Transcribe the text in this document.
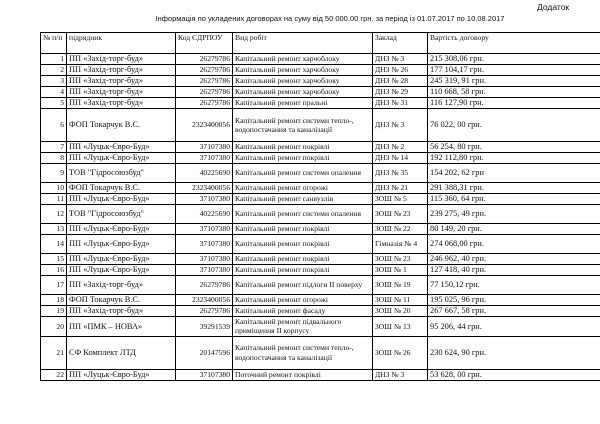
Додаток
Інформація по укладених договорах на суму від 50 000.00 грн. за період із 01.07.2017 по 10.08.2017
№ п/п	підрядник	Код ЄДРПОУ	Вид робіт	Заклад	Вартість договору
1	ПП «Захід-торг-буд»	26279786	Капітальний ремонт харчоблоку	ДНЗ № 3	215 308,06 грн.
2	ПП «Захід-торг-буд»	26279786	Капітальний ремонт харчоблоку	ДНЗ № 26	177 104,17 грн.
3	ПП «Захід-торг-буд»	26279786	Капітальний ремонт харчоблоку	ДНЗ № 28	245 319, 91 грн.
4	ПП «Захід-торг-буд»	26279786	Капітальний ремонт харчоблоку	ДНЗ № 29	110 668, 58 грн.
5	ПП «Захід-торг-буд»	26279786	Капітальний ремонт пральні	ДНЗ № 31	116 127,90 грн.
6	ФОП Токарчук В.С.	2323400056	Капітальний ремонт системи тепло-, водопостачання та каналізації	ДНЗ № 3	76 022, 00 грн.
7	ПП «Луцьк-Євро-Буд»	37107380	Капітальний ремонт покрівлі	ДНЗ № 2	56 254, 80 грн.
8	ПП «Луцьк-Євро-Буд»	37107380	Капітальний ремонт покрівлі	ДНЗ № 14	192 112,80 грн.
9	ТОВ "Гідросоюзбуд"	40225690	Капітальний ремонт системи опалення	ДНЗ № 35	154 202, 62 грн
10	ФОП Токарчук В.С.	2323400056	Капітальний ремонт огорожі	ДНЗ № 21	291 388,31 грн.
11	ПП «Луцьк-Євро-Буд»	37107380	Капітальний ремонт санвузлів	ЗОШ № 5	115 360, 64 грн.
12	ТОВ "Гідросоюзбуд"	40225690	Капітальний ремонт системи опалення	ЗОШ № 23	239 275, 49 грн.
13	ПП «Луцьк-Євро-Буд»	37107380	Капітальний ремонт покрівлі	ЗОШ № 22	80 149, 20 грн.
14	ПП «Луцьк-Євро-Буд»	37107380	Капітальний ремонт покрівлі	Гімназія № 4	274 068,00 грн.
15	ПП «Луцьк-Євро-Буд»	37107380	Капітальний ремонт покрівлі	ЗОШ № 23	246 962, 40 грн.
16	ПП «Луцьк-Євро-Буд»	37107380	Капітальний ремонт покрівлі	ЗОШ № 1	127 418, 40 грн.
17	ПП «Захід-торг-буд»	26279786	Капітальний ремонт підлоги II поверху	ЗОШ № 19	77 150,12 грн.
18	ФОП Токарчук В.С.	2323400056	Капітальний ремонт огорожі	ЗОШ № 11	195 025, 96 грн.
19	ПП «Захід-торг-буд»	26279786	Капітальний ремонт фасаду	ЗОШ № 20	267 667, 58 грн.
20	ПП «ПМК – НОВА»	39291539	Капітальний ремонт підвального приміщення II корпусу	ЗОШ № 13	95 206, 44 грн.
21	СФ Комплект ЛТД	20147596	Капітальний ремонт системи тепло-, водопостачання та каналізації	ЗОШ № 26	230 624, 90 грн.
22	ПП «Луцьк-Євро-Буд»	37107380	Поточний ремонт покрівлі	ДНЗ № 3	53 628, 00 грн.
